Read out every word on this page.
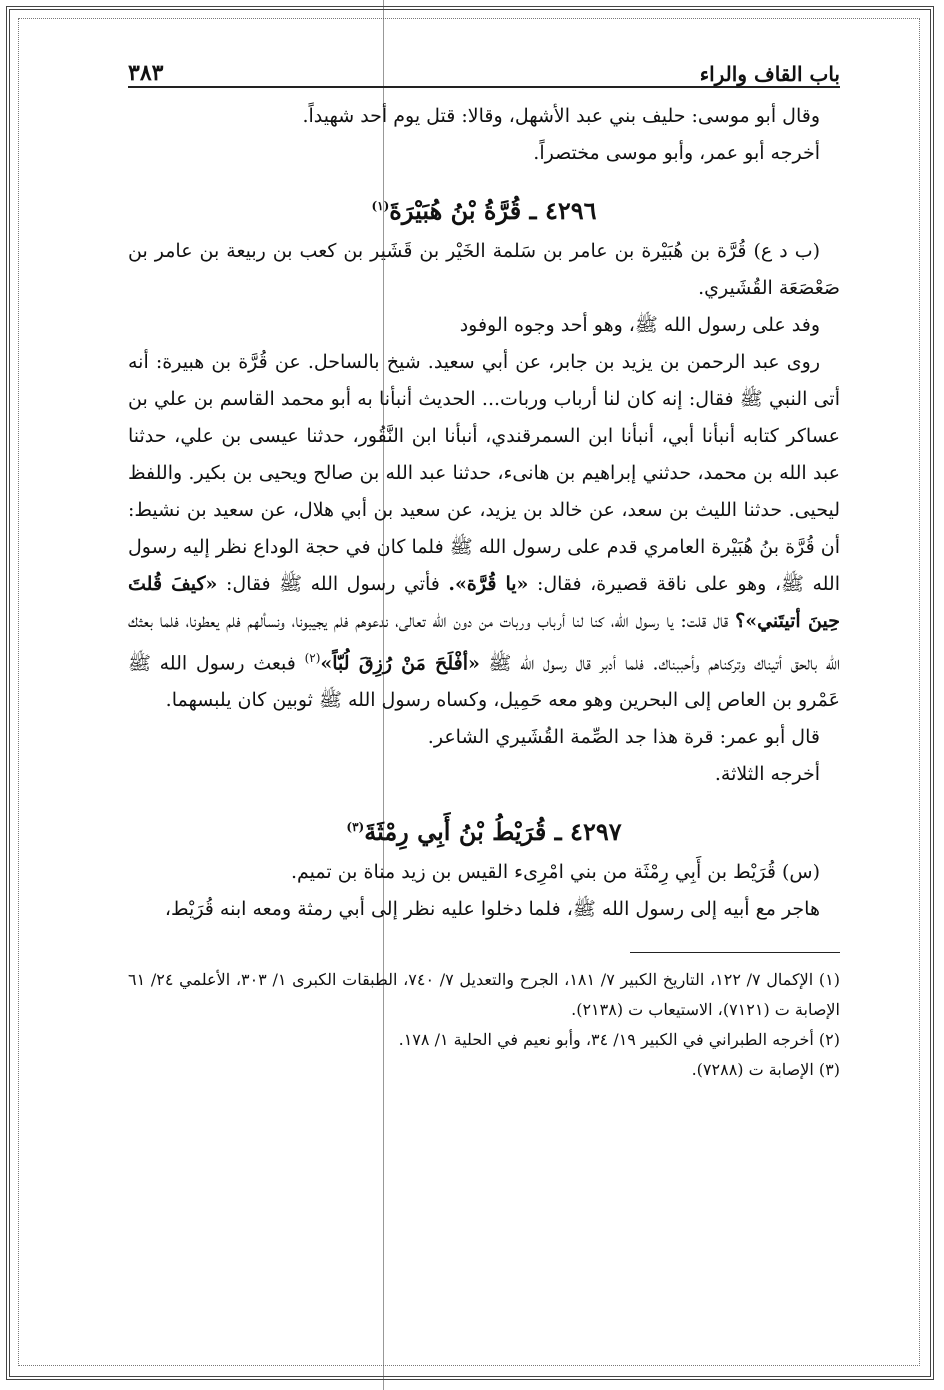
باب القاف والراء
٣٨٣

وقال أبو موسى: حليف بني عبد الأشهل، وقالا: قتل يوم أحد شهيداً.

أخرجه أبو عمر، وأبو موسى مختصراً.

٤٢٩٦ ـ قُرَّةُ بْنُ هُبَيْرَةَ$^{(١)}$

(ب د ع) قُرَّة بن هُبَيْرة بن عامر بن سَلمة الخَيْر بن قَشَير بن كعب بن ربيعة بن عامر بن صَعْصَعَة القُشَيري.

وفد على رسول الله ﷺ، وهو أحد وجوه الوفود

روى عبد الرحمن بن يزيد بن جابر، عن أبي سعيد. شيخ بالساحل. عن قُرَّة بن هبيرة: أنه أتى النبي ﷺ فقال: إنه كان لنا أرباب وربات... الحديث أنبأنا به أبو محمد القاسم بن علي بن عساكر كتابه أنبأنا أبي، أنبأنا ابن السمرقندي، أنبأنا ابن النَّقُور، حدثنا عيسى بن علي، حدثنا عبد الله بن محمد، حدثني إبراهيم بن هانىء، حدثنا عبد الله بن صالح ويحيى بن بكير. واللفظ ليحيى. حدثنا الليث بن سعد، عن خالد بن يزيد، عن سعيد بن أبي هلال، عن سعيد بن نشيط: أن قُرَّة بنُ هُبَيْرة العامري قدم على رسول الله ﷺ فلما كان في حجة الوداع نظر إليه رسول الله ﷺ، وهو على ناقة قصيرة، فقال: «يا قُرَّة». فأتي رسول الله ﷺ فقال: «كيفَ قُلتَ حِينَ أتيتَني»؟ قال قلت: يا رسول الله، كنا لنا أرباب وربات من دون الله تعالى، ندعوهم فلم يجيبونا، ونسألهم فلم يعطونا، فلما بعثك الله بالحق أتيناك وتركناهم وأحببناك. فلما أدبر قال رسول الله ﷺ «أفْلَحَ مَنْ رُزِقَ لُبّاً»$^{(٢)}$ فبعث رسول الله ﷺ عَمْرو بن العاص إلى البحرين وهو معه حَمِيل، وكساه رسول الله ﷺ ثوبين كان يلبسهما.

قال أبو عمر: قرة هذا جد الصِّمة القُشَيري الشاعر.

أخرجه الثلاثة.

٤٢٩٧ ـ قُرَيْطُ بْنُ أَبِي رِمْثَةَ$^{(٣)}$

(س) قُرَيْط بن أَبِي رِمْثَة من بني امْرِىء القيس بن زيد مناة بن تميم.

هاجر مع أبيه إلى رسول الله ﷺ، فلما دخلوا عليه نظر إلى أبي رمثة ومعه ابنه قُرَيْط،

(١) الإكمال ٧/ ١٢٢، التاريخ الكبير ٧/ ١٨١، الجرح والتعديل ٧/ ٧٤٠، الطبقات الكبرى ١/ ٣٠٣، الأعلمي ٢٤/ ٦١ الإصابة ت (٧١٢١)، الاستيعاب ت (٢١٣٨).

(٢) أخرجه الطبراني في الكبير ١٩/ ٣٤، وأبو نعيم في الحلية ١/ ١٧٨.

(٣) الإصابة ت (٧٢٨٨).
